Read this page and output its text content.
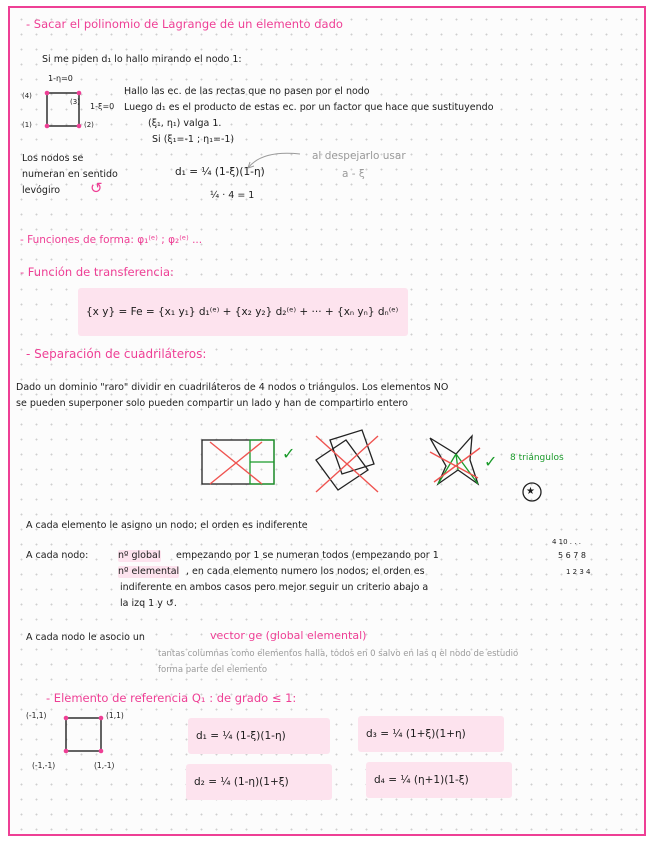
- Sacar el polinomio de Lagrange de un elemento dado
Si me piden d₁ lo hallo mirando el nodo 1:
1-η=0
1-ξ=0
(4)
(3)
(1)	(2)
Hallo las ec. de las rectas que no pasen por el nodo
Luego d₁ es el producto de estas ec. por un factor que hace que sustituyendo
(ξ₁, η₁) valga 1.
Si (ξ₁=-1 ; η₁=-1)
Los nodos se
numeran en sentido
levógiro ↺
d₁ = ¼ (1-ξ)(1-η)
¼ · 4 = 1
al despejarlo usar
a - ξ
- Funciones de forma: φ₁⁽ᵉ⁾ ; φ₂⁽ᵉ⁾ ...
- Función de transferencia:
{x y} = Fe = {x₁ y₁} d₁⁽ᵉ⁾ + {x₂ y₂} d₂⁽ᵉ⁾ + ··· + {xₙ yₙ} dₙ⁽ᵉ⁾
- Separación de cuadriláteros:
Dado un dominio "raro" dividir en cuadriláteros de 4 nodos o triángulos. Los elementos NO
se pueden superponer solo pueden compartir un lado y han de compartirlo entero
✓	✓ 8 triángulos
★
A cada elemento le asigno un nodo; el orden es indiferente
A cada nodo:	nº global empezando por 1 se numeran todos (empezando por 1
nº elemental , en cada elemento numero los nodos; el orden es
indiferente en ambos casos pero mejor seguir un criterio abajo a
la izq 1 y ↺.
4 10 . . .
5 6 7 8
1 2 3 4
A cada nodo le asocio un	vector ge (global elemental)
tantas columnas como elementos halla, todos en 0 salvo en las q el nodo de estudio
forma parte del elemento
- Elemento de referencia Q₁ : de grado ≤ 1:
(-1,1)	(1,1)
(-1,-1)	(1,-1)
d₁ = ¼ (1-ξ)(1-η)	d₃ = ¼ (1+ξ)(1+η)
d₂ = ¼ (1-η)(1+ξ)	d₄ = ¼ (η+1)(1-ξ)
